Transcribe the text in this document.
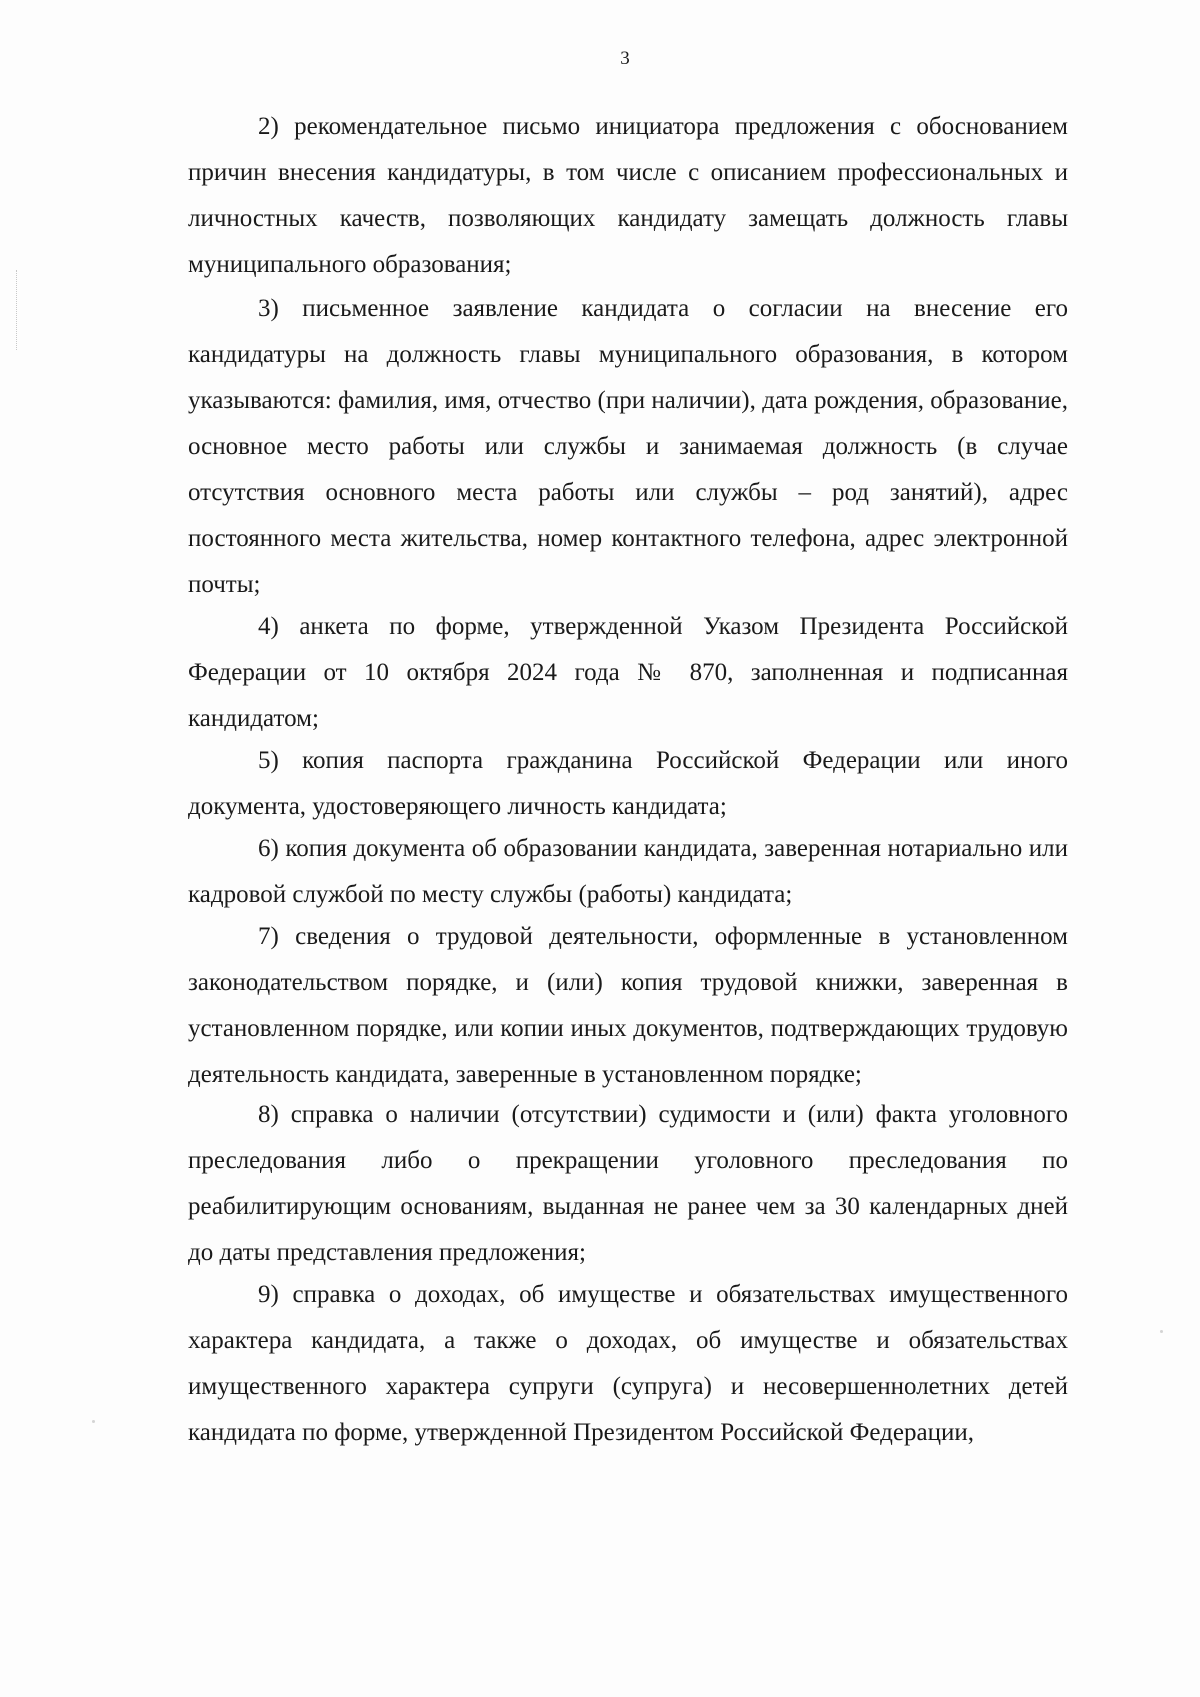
3

2) рекомендательное письмо инициатора предложения с обоснованием причин внесения кандидатуры, в том числе с описанием профессиональных и личностных качеств, позволяющих кандидату замещать должность главы муниципального образования;

3) письменное заявление кандидата о согласии на внесение его кандидатуры на должность главы муниципального образования, в котором указываются: фамилия, имя, отчество (при наличии), дата рождения, образование, основное место работы или службы и занимаемая должность (в случае отсутствия основного места работы или службы – род занятий), адрес постоянного места жительства, номер контактного телефона, адрес электронной почты;

4) анкета по форме, утвержденной Указом Президента Российской Федерации от 10 октября 2024 года № 870, заполненная и подписанная кандидатом;

5) копия паспорта гражданина Российской Федерации или иного документа, удостоверяющего личность кандидата;

6) копия документа об образовании кандидата, заверенная нотариально или кадровой службой по месту службы (работы) кандидата;

7) сведения о трудовой деятельности, оформленные в установленном законодательством порядке, и (или) копия трудовой книжки, заверенная в установленном порядке, или копии иных документов, подтверждающих трудовую деятельность кандидата, заверенные в установленном порядке;

8) справка о наличии (отсутствии) судимости и (или) факта уголовного преследования либо о прекращении уголовного преследования по реабилитирующим основаниям, выданная не ранее чем за 30 календарных дней до даты представления предложения;

9) справка о доходах, об имуществе и обязательствах имущественного характера кандидата, а также о доходах, об имуществе и обязательствах имущественного характера супруги (супруга) и несовершеннолетних детей кандидата по форме, утвержденной Президентом Российской Федерации,
